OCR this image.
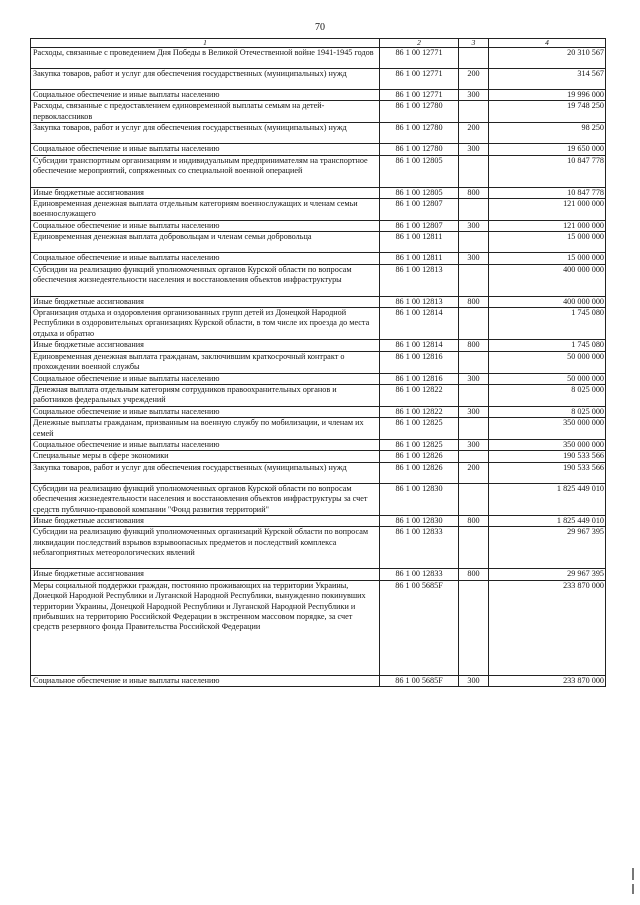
70
1	2	3	4
Расходы, связанные с проведением Дня Победы в Великой Отечественной войне 1941-1945 годов	86 1 00 12771		20 310 567
Закупка товаров, работ и услуг для обеспечения государственных (муниципальных) нужд	86 1 00 12771	200	314 567
Социальное обеспечение и иные выплаты населению	86 1 00 12771	300	19 996 000
Расходы, связанные с предоставлением единовременной выплаты семьям на детей-первоклассников	86 1 00 12780		19 748 250
Закупка товаров, работ и услуг для обеспечения государственных (муниципальных) нужд	86 1 00 12780	200	98 250
Социальное обеспечение и иные выплаты населению	86 1 00 12780	300	19 650 000
Субсидии транспортным организациям и индивидуальным предпринимателям на транспортное обеспечение мероприятий, сопряженных со специальной военной операцией	86 1 00 12805		10 847 778
Иные бюджетные ассигнования	86 1 00 12805	800	10 847 778
Единовременная денежная выплата отдельным категориям военнослужащих и членам семьи военнослужащего	86 1 00 12807		121 000 000
Социальное обеспечение и иные выплаты населению	86 1 00 12807	300	121 000 000
Единовременная денежная выплата добровольцам и членам семьи добровольца	86 1 00 12811		15 000 000
Социальное обеспечение и иные выплаты населению	86 1 00 12811	300	15 000 000
Субсидии на реализацию функций уполномоченных органов Курской области по вопросам обеспечения жизнедеятельности населения и восстановления объектов инфраструктуры	86 1 00 12813		400 000 000
Иные бюджетные ассигнования	86 1 00 12813	800	400 000 000
Организация отдыха и оздоровления организованных групп детей из Донецкой Народной Республики в оздоровительных организациях Курской области, в том числе их проезда до места отдыха и обратно	86 1 00 12814		1 745 080
Иные бюджетные ассигнования	86 1 00 12814	800	1 745 080
Единовременная денежная выплата гражданам, заключившим краткосрочный контракт о прохождении военной службы	86 1 00 12816		50 000 000
Социальное обеспечение и иные выплаты населению	86 1 00 12816	300	50 000 000
Денежная выплата отдельным категориям сотрудников правоохранительных органов и работников федеральных учреждений	86 1 00 12822		8 025 000
Социальное обеспечение и иные выплаты населению	86 1 00 12822	300	8 025 000
Денежные выплаты гражданам, призванным на военную службу по мобилизации, и членам их семей	86 1 00 12825		350 000 000
Социальное обеспечение и иные выплаты населению	86 1 00 12825	300	350 000 000
Специальные меры в сфере экономики	86 1 00 12826		190 533 566
Закупка товаров, работ и услуг для обеспечения государственных (муниципальных) нужд	86 1 00 12826	200	190 533 566
Субсидии на реализацию функций уполномоченных органов Курской области по вопросам обеспечения жизнедеятельности населения и восстановления объектов инфраструктуры за счет средств публично-правовой компании "Фонд развития территорий"	86 1 00 12830		1 825 449 010
Иные бюджетные ассигнования	86 1 00 12830	800	1 825 449 010
Субсидии на реализацию функций уполномоченных организаций Курской области по вопросам ликвидации последствий взрывов взрывоопасных предметов и последствий комплекса неблагоприятных метеорологических явлений	86 1 00 12833		29 967 395
Иные бюджетные ассигнования	86 1 00 12833	800	29 967 395
Меры социальной поддержки граждан, постоянно проживающих на территории Украины, Донецкой Народной Республики и Луганской Народной Республики, вынужденно покинувших территории Украины, Донецкой Народной Республики и Луганской Народной Республики и прибывших на территорию Российской Федерации в экстренном массовом порядке, за счет средств резервного фонда Правительства Российской Федерации	86 1 00 5685F		233 870 000
Социальное обеспечение и иные выплаты населению	86 1 00 5685F	300	233 870 000
